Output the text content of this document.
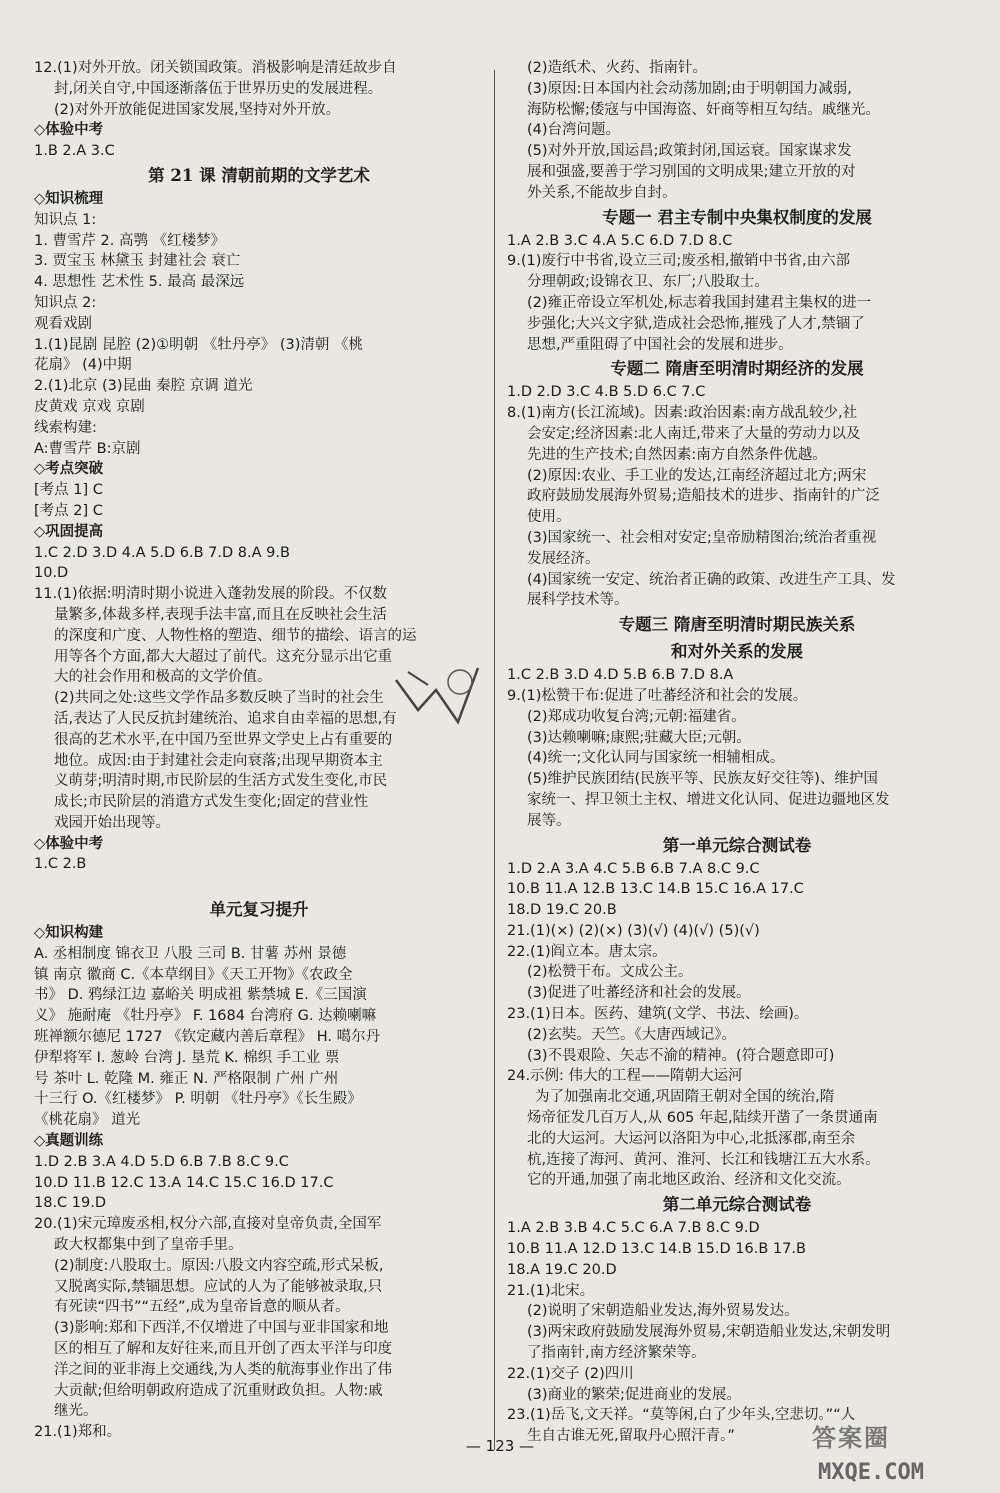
12.(1)对外开放。闭关锁国政策。消极影响是清廷故步自
封,闭关自守,中国逐渐落伍于世界历史的发展进程。
(2)对外开放能促进国家发展,坚持对外开放。
◇体验中考
1.B 2.A 3.C
第 21 课 清朝前期的文学艺术
◇知识梳理
知识点 1:
1. 曹雪芹 2. 高鹗 《红楼梦》
3. 贾宝玉 林黛玉 封建社会 衰亡
4. 思想性 艺术性 5. 最高 最深远
知识点 2:
观看戏剧
1.(1)昆剧 昆腔 (2)①明朝 《牡丹亭》 (3)清朝 《桃
花扇》 (4)中期
2.(1)北京 (3)昆曲 秦腔 京调 道光
皮黄戏 京戏 京剧
线索构建:
A:曹雪芹 B:京剧
◇考点突破
[考点 1] C
[考点 2] C
◇巩固提高
1.C 2.D 3.D 4.A 5.D 6.B 7.D 8.A 9.B
10.D
11.(1)依据:明清时期小说进入蓬勃发展的阶段。不仅数
量繁多,体裁多样,表现手法丰富,而且在反映社会生活
的深度和广度、人物性格的塑造、细节的描绘、语言的运
用等各个方面,都大大超过了前代。这充分显示出它重
大的社会作用和极高的文学价值。
(2)共同之处:这些文学作品多数反映了当时的社会生
活,表达了人民反抗封建统治、追求自由幸福的思想,有
很高的艺术水平,在中国乃至世界文学史上占有重要的
地位。成因:由于封建社会走向衰落;出现早期资本主
义萌芽;明清时期,市民阶层的生活方式发生变化,市民
成长;市民阶层的消遣方式发生变化;固定的营业性
戏园开始出现等。
◇体验中考
1.C 2.B

单元复习提升
◇知识构建
A. 丞相制度 锦衣卫 八股 三司 B. 甘薯 苏州 景德
镇 南京 徽商 C.《本草纲目》《天工开物》《农政全
书》 D. 鸦绿江边 嘉峪关 明成祖 紫禁城 E.《三国演
义》 施耐庵 《牡丹亭》 F. 1684 台湾府 G. 达赖喇嘛
班禅额尔德尼 1727 《钦定藏内善后章程》 H. 噶尔丹
伊犁将军 I. 葱岭 台湾 J. 垦荒 K. 棉织 手工业 票
号 茶叶 L. 乾隆 M. 雍正 N. 严格限制 广州 广州
十三行 O.《红楼梦》 P. 明朝 《牡丹亭》《长生殿》
《桃花扇》 道光
◇真题训练
1.D 2.B 3.A 4.D 5.D 6.B 7.B 8.C 9.C
10.D 11.B 12.C 13.A 14.C 15.C 16.D 17.C
18.C 19.D
20.(1)宋元璋废丞相,权分六部,直接对皇帝负责,全国军
政大权都集中到了皇帝手里。
(2)制度:八股取士。原因:八股文内容空疏,形式呆板,
又脱离实际,禁锢思想。应试的人为了能够被录取,只
有死读“四书”“五经”,成为皇帝旨意的顺从者。
(3)影响:郑和下西洋,不仅增进了中国与亚非国家和地
区的相互了解和友好往来,而且开创了西太平洋与印度
洋之间的亚非海上交通线,为人类的航海事业作出了伟
大贡献;但给明朝政府造成了沉重财政负担。人物:戚
继光。
21.(1)郑和。
(2)造纸术、火药、指南针。
(3)原因:日本国内社会动荡加剧;由于明朝国力减弱,
海防松懈;倭寇与中国海盗、奸商等相互勾结。戚继光。
(4)台湾问题。
(5)对外开放,国运昌;政策封闭,国运衰。国家谋求发
展和强盛,要善于学习别国的文明成果;建立开放的对
外关系,不能故步自封。
专题一 君主专制中央集权制度的发展
1.A 2.B 3.C 4.A 5.C 6.D 7.D 8.C
9.(1)废行中书省,设立三司;废丞相,撤销中书省,由六部
分理朝政;设锦衣卫、东厂;八股取士。
(2)雍正帝设立军机处,标志着我国封建君主集权的进一
步强化;大兴文字狱,造成社会恐怖,摧残了人才,禁锢了
思想,严重阻碍了中国社会的发展和进步。
专题二 隋唐至明清时期经济的发展
1.D 2.D 3.C 4.B 5.D 6.C 7.C
8.(1)南方(长江流域)。因素:政治因素:南方战乱较少,社
会安定;经济因素:北人南迁,带来了大量的劳动力以及
先进的生产技术;自然因素:南方自然条件优越。
(2)原因:农业、手工业的发达,江南经济超过北方;两宋
政府鼓励发展海外贸易;造船技术的进步、指南针的广泛
使用。
(3)国家统一、社会相对安定;皇帝励精图治;统治者重视
发展经济。
(4)国家统一安定、统治者正确的政策、改进生产工具、发
展科学技术等。
专题三 隋唐至明清时期民族关系
和对外关系的发展
1.C 2.B 3.D 4.D 5.B 6.B 7.D 8.A
9.(1)松赞干布:促进了吐蕃经济和社会的发展。
(2)郑成功收复台湾;元朝:福建省。
(3)达赖喇嘛;康熙;驻藏大臣;元朝。
(4)统一;文化认同与国家统一相辅相成。
(5)维护民族团结(民族平等、民族友好交往等)、维护国
家统一、捍卫领土主权、增进文化认同、促进边疆地区发
展等。
第一单元综合测试卷
1.D 2.A 3.A 4.C 5.B 6.B 7.A 8.C 9.C
10.B 11.A 12.B 13.C 14.B 15.C 16.A 17.C
18.D 19.C 20.B
21.(1)(×) (2)(×) (3)(√) (4)(√) (5)(√)
22.(1)阎立本。唐太宗。
(2)松赞干布。文成公主。
(3)促进了吐蕃经济和社会的发展。
23.(1)日本。医药、建筑(文学、书法、绘画)。
(2)玄奘。天竺。《大唐西域记》。
(3)不畏艰险、矢志不渝的精神。(符合题意即可)
24.示例: 伟大的工程——隋朝大运河
为了加强南北交通,巩固隋王朝对全国的统治,隋
炀帝征发几百万人,从 605 年起,陆续开凿了一条贯通南
北的大运河。大运河以洛阳为中心,北抵涿郡,南至余
杭,连接了海河、黄河、淮河、长江和钱塘江五大水系。
它的开通,加强了南北地区政治、经济和文化交流。
第二单元综合测试卷
1.A 2.B 3.B 4.C 5.C 6.A 7.B 8.C 9.D
10.B 11.A 12.D 13.C 14.B 15.D 16.B 17.B
18.A 19.C 20.D
21.(1)北宋。
(2)说明了宋朝造船业发达,海外贸易发达。
(3)两宋政府鼓励发展海外贸易,宋朝造船业发达,宋朝发明
了指南针,南方经济繁荣等。
22.(1)交子 (2)四川
(3)商业的繁荣;促进商业的发展。
23.(1)岳飞,文天祥。“莫等闲,白了少年头,空悲切。”“人
生自古谁无死,留取丹心照汗青。”
— 123 —	答案圈
MXQE.COM
